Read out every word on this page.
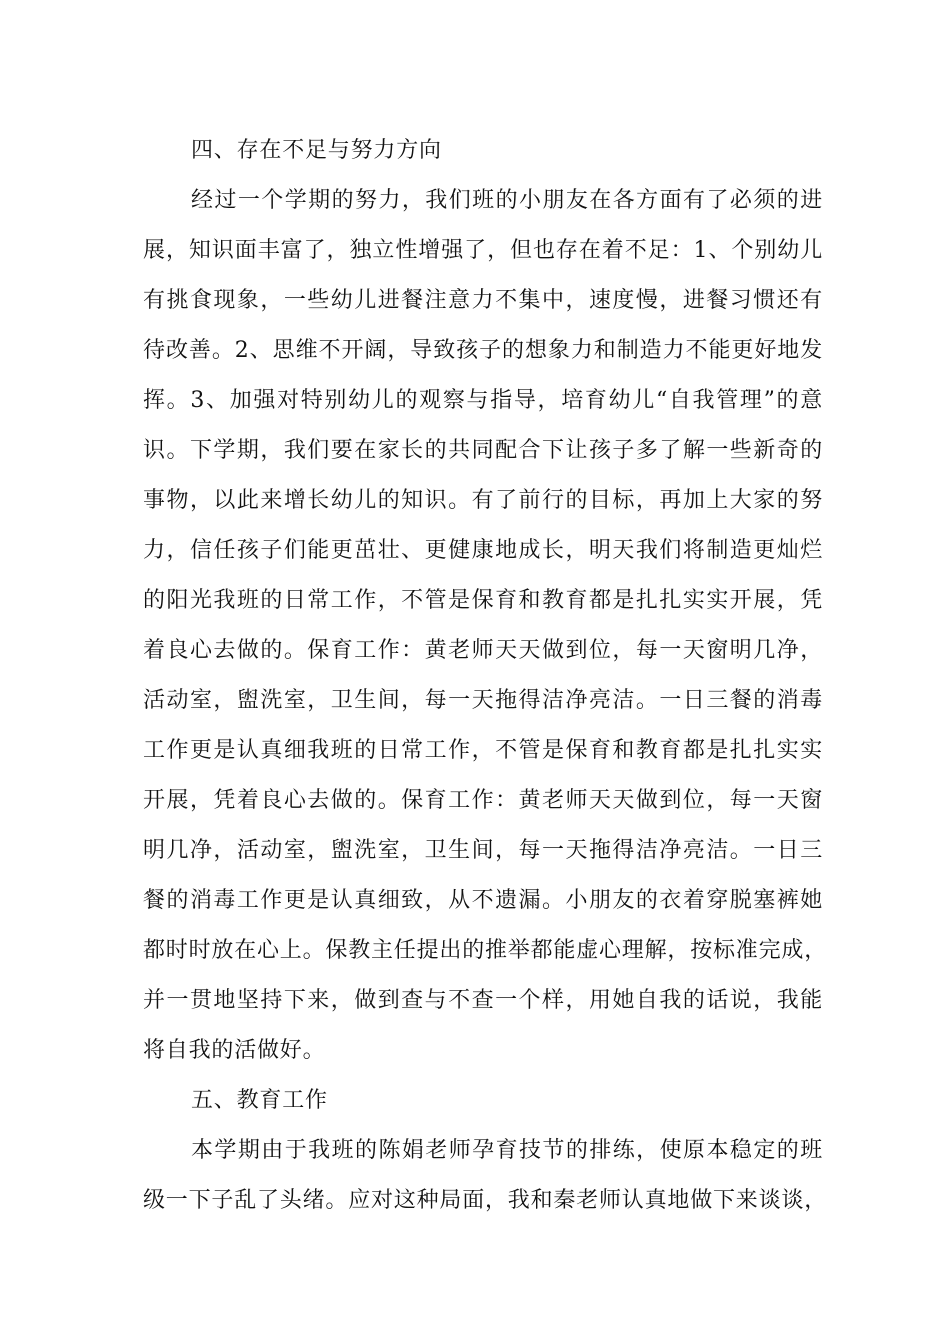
四、存在不足与努力方向
经过一个学期的努力，我们班的小朋友在各方面有了必须的进
展，知识面丰富了，独立性增强了，但也存在着不足：1、个别幼儿
有挑食现象，一些幼儿进餐注意力不集中，速度慢，进餐习惯还有
待改善。2、思维不开阔，导致孩子的想象力和制造力不能更好地发
挥。3、加强对特别幼儿的观察与指导，培育幼儿“自我管理”的意
识。下学期，我们要在家长的共同配合下让孩子多了解一些新奇的
事物，以此来增长幼儿的知识。有了前行的目标，再加上大家的努
力，信任孩子们能更茁壮、更健康地成长，明天我们将制造更灿烂
的阳光我班的日常工作，不管是保育和教育都是扎扎实实开展，凭
着良心去做的。保育工作：黄老师天天做到位，每一天窗明几净，
活动室，盥洗室，卫生间，每一天拖得洁净亮洁。一日三餐的消毒
工作更是认真细我班的日常工作，不管是保育和教育都是扎扎实实
开展，凭着良心去做的。保育工作：黄老师天天做到位，每一天窗
明几净，活动室，盥洗室，卫生间，每一天拖得洁净亮洁。一日三
餐的消毒工作更是认真细致，从不遗漏。小朋友的衣着穿脱塞裤她
都时时放在心上。保教主任提出的推举都能虚心理解，按标准完成，
并一贯地坚持下来，做到查与不查一个样，用她自我的话说，我能
将自我的活做好。
五、教育工作
本学期由于我班的陈娟老师孕育技节的排练，使原本稳定的班
级一下子乱了头绪。应对这种局面，我和秦老师认真地做下来谈谈，
